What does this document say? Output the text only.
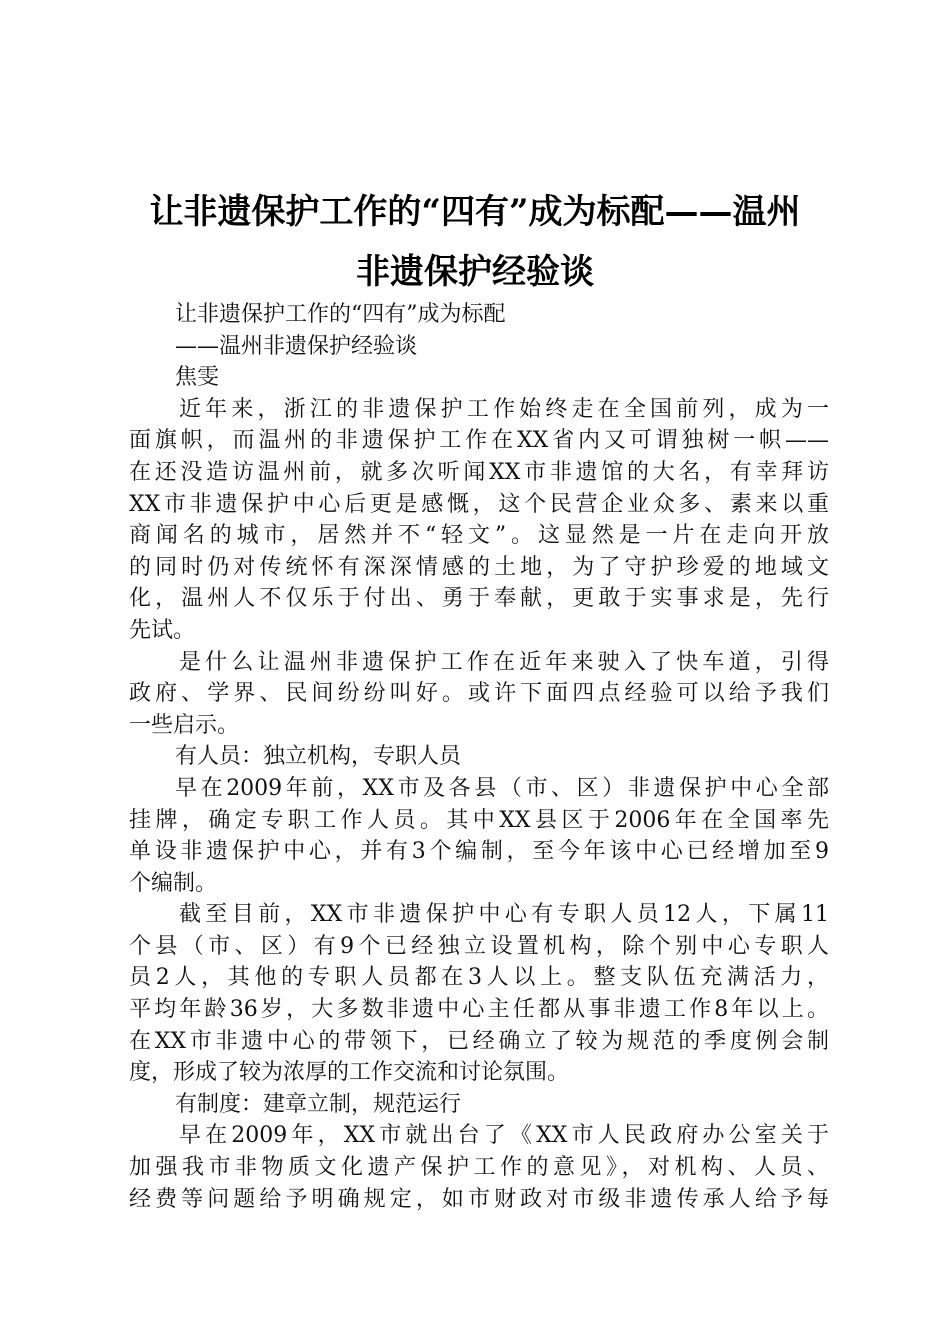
让非遗保护工作的“四有”成为标配——温州
非遗保护经验谈
让非遗保护工作的“四有”成为标配
——温州非遗保护经验谈
焦雯
近年来，浙江的非遗保护工作始终走在全国前列，成为一
面旗帜，而温州的非遗保护工作在XX省内又可谓独树一帜——
在还没造访温州前，就多次听闻XX市非遗馆的大名，有幸拜访
XX市非遗保护中心后更是感慨，这个民营企业众多、素来以重
商闻名的城市，居然并不“轻文”。这显然是一片在走向开放
的同时仍对传统怀有深深情感的土地，为了守护珍爱的地域文
化，温州人不仅乐于付出、勇于奉献，更敢于实事求是，先行
先试。
是什么让温州非遗保护工作在近年来驶入了快车道，引得
政府、学界、民间纷纷叫好。或许下面四点经验可以给予我们
一些启示。
有人员：独立机构，专职人员
早在2009年前，XX市及各县（市、区）非遗保护中心全部
挂牌，确定专职工作人员。其中XX县区于2006年在全国率先
单设非遗保护中心，并有3个编制，至今年该中心已经增加至9
个编制。
截至目前，XX市非遗保护中心有专职人员12人，下属11
个县（市、区）有9个已经独立设置机构，除个别中心专职人
员2人，其他的专职人员都在3人以上。整支队伍充满活力，
平均年龄36岁，大多数非遗中心主任都从事非遗工作8年以上。
在XX市非遗中心的带领下，已经确立了较为规范的季度例会制
度，形成了较为浓厚的工作交流和讨论氛围。
有制度：建章立制，规范运行
早在2009年，XX市就出台了《XX市人民政府办公室关于
加强我市非物质文化遗产保护工作的意见》，对机构、人员、
经费等问题给予明确规定，如市财政对市级非遗传承人给予每
